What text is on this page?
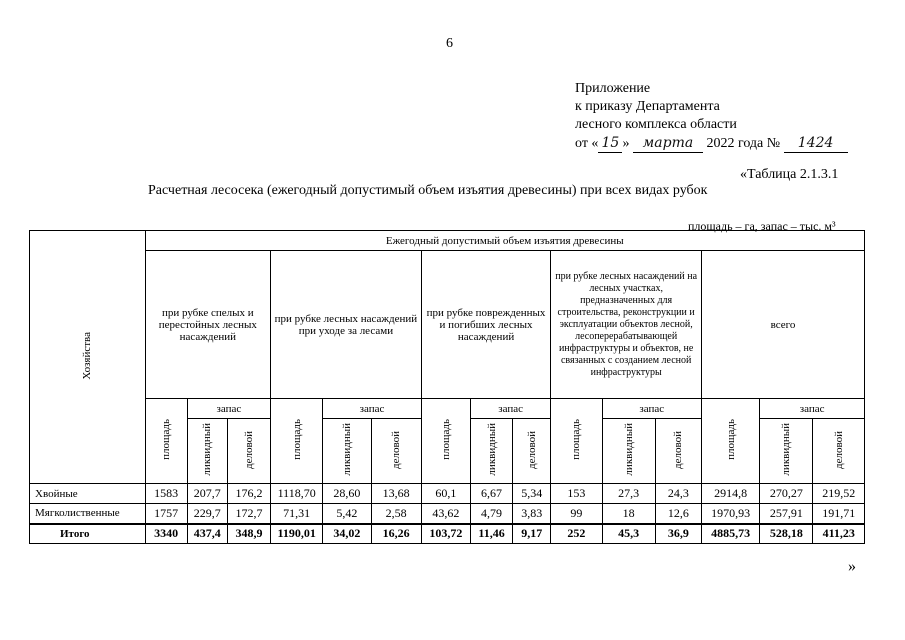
6
Приложение
к приказу Департамента
лесного комплекса области
от « 15 » марта 2022 года № 1424
«Таблица 2.1.3.1
Расчетная лесосека (ежегодный допустимый объем изъятия древесины) при всех видах рубок
площадь – га, запас – тыс. м³
Хозяйства	Ежегодный допустимый объем изъятия древесины														
	при рубке спелых и перестойных лесных насаждений			при рубке лесных насаждений при уходе за лесами			при рубке поврежденных и погибших лесных насаждений			при рубке лесных насаждений на лесных участках, предназначенных для строительства, реконструкции и эксплуатации объектов лесной, лесоперерабатывающей инфраструктуры и объектов, не связанных с созданием лесной инфраструктуры			всего		
	площадь	запас		площадь	запас		площадь	запас		площадь	запас		площадь	запас	
		ликвидный	деловой		ликвидный	деловой		ликвидный	деловой		ликвидный	деловой		ликвидный	деловой
Хвойные	1583	207,7	176,2	1118,70	28,60	13,68	60,1	6,67	5,34	153	27,3	24,3	2914,8	270,27	219,52
Мягколиственные	1757	229,7	172,7	71,31	5,42	2,58	43,62	4,79	3,83	99	18	12,6	1970,93	257,91	191,71
Итого	3340	437,4	348,9	1190,01	34,02	16,26	103,72	11,46	9,17	252	45,3	36,9	4885,73	528,18	411,23
»
